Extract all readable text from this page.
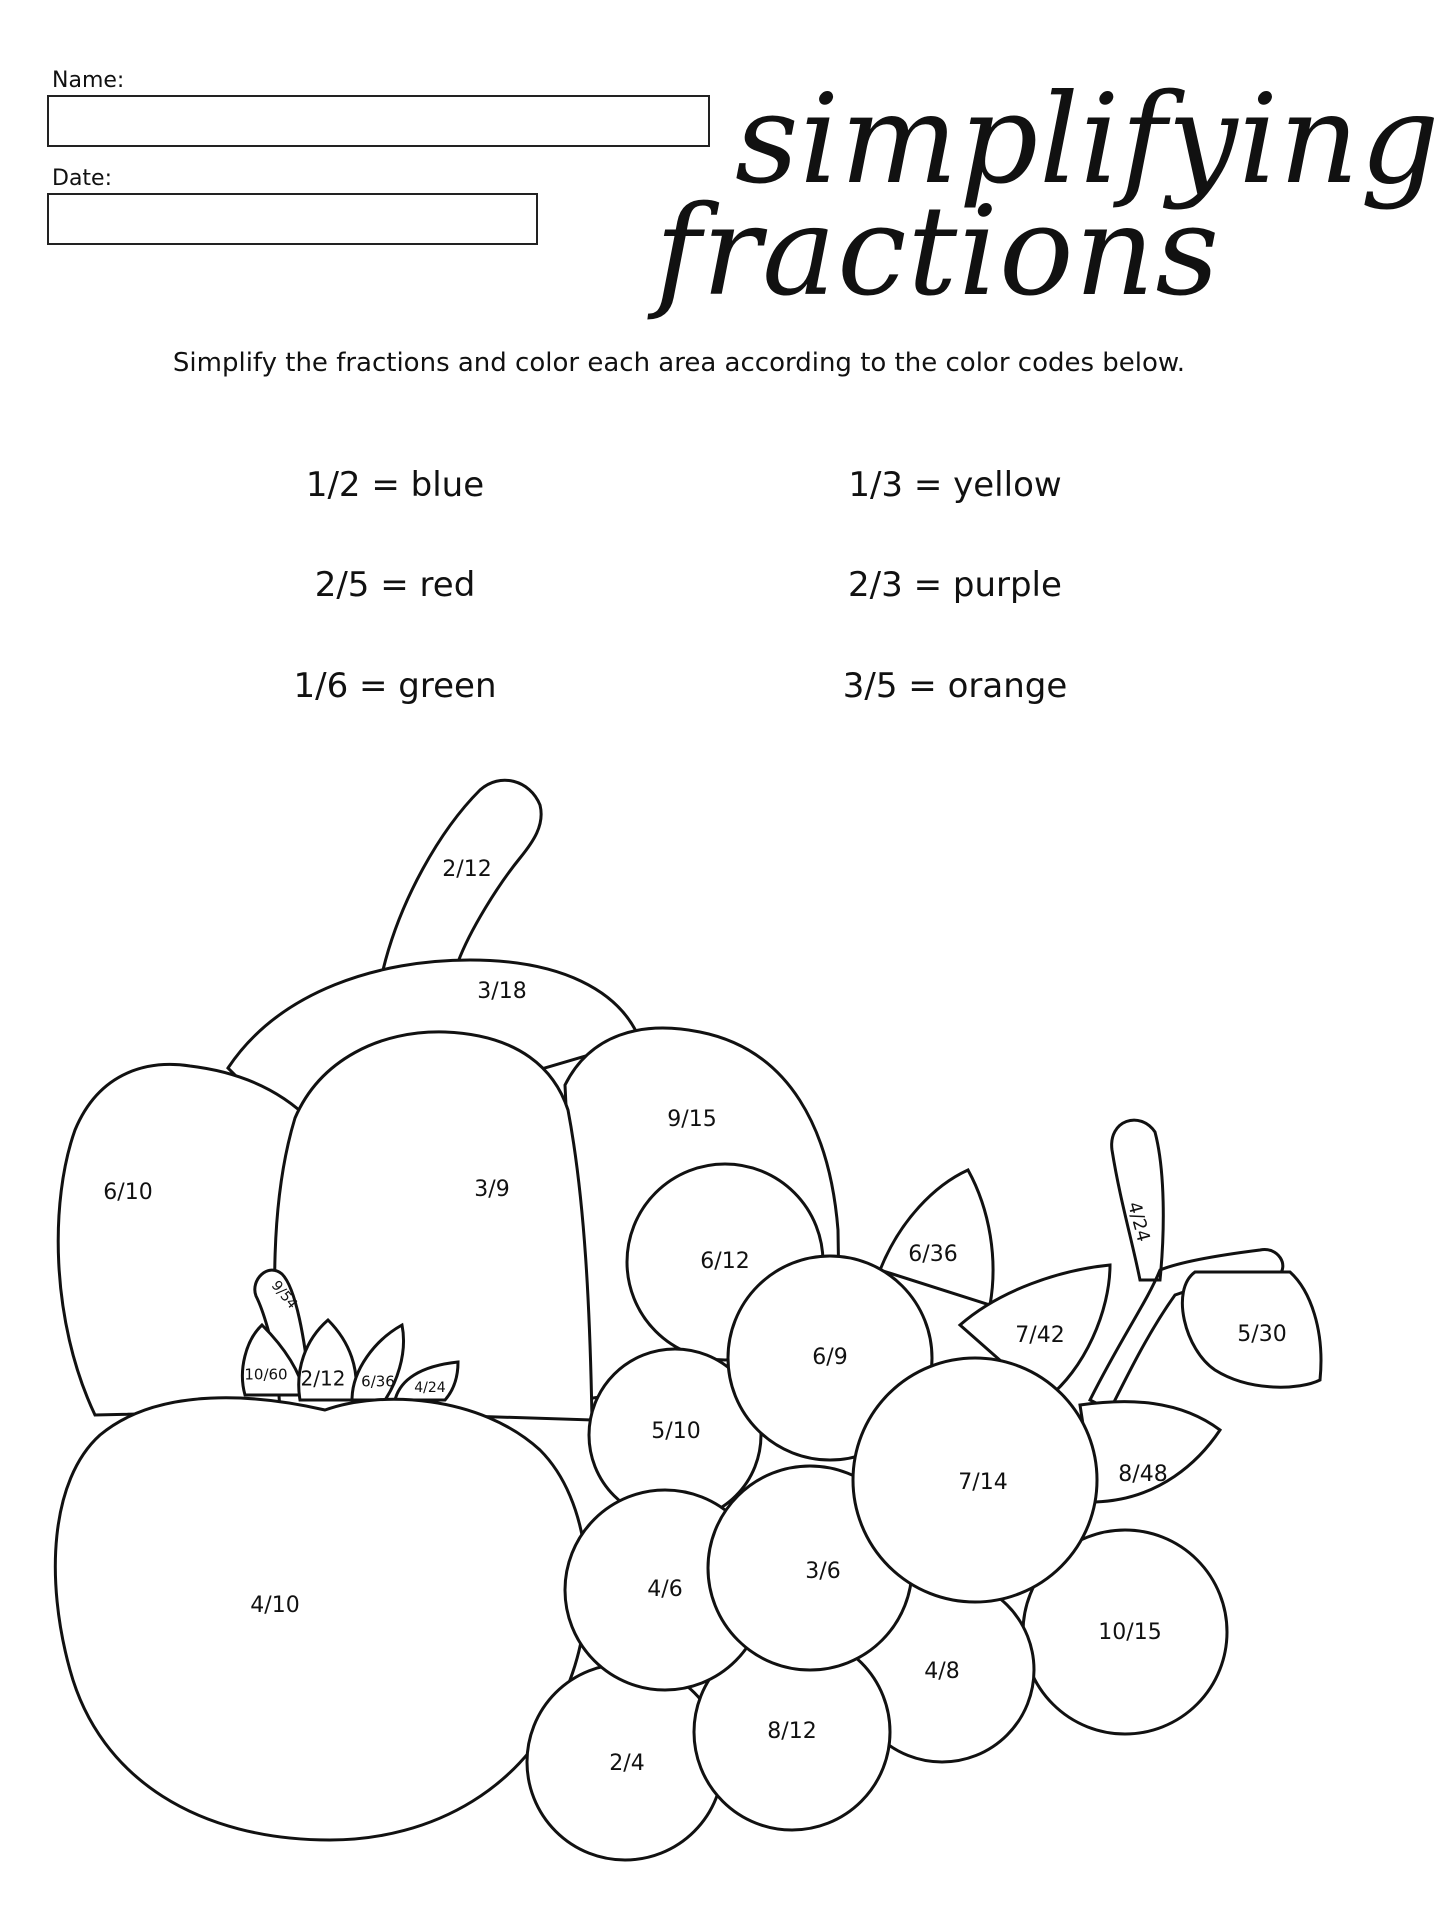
Name:
Date:	simplifying
fractions
Simplify the fractions and color each area according to the color codes below.
1/2 = blue	1/3 = yellow
2/5 = red	2/3 = purple
1/6 = green	3/5 = orange
2/12
3/18
9/15
6/10	3/9
9/54
10/60 2/12 6/36 4/24
4/10
4/24
6/36
7/42	5/30
8/48
6/12
5/10
10/15
4/8
2/4
8/12
6/9
4/6
3/6
7/14
